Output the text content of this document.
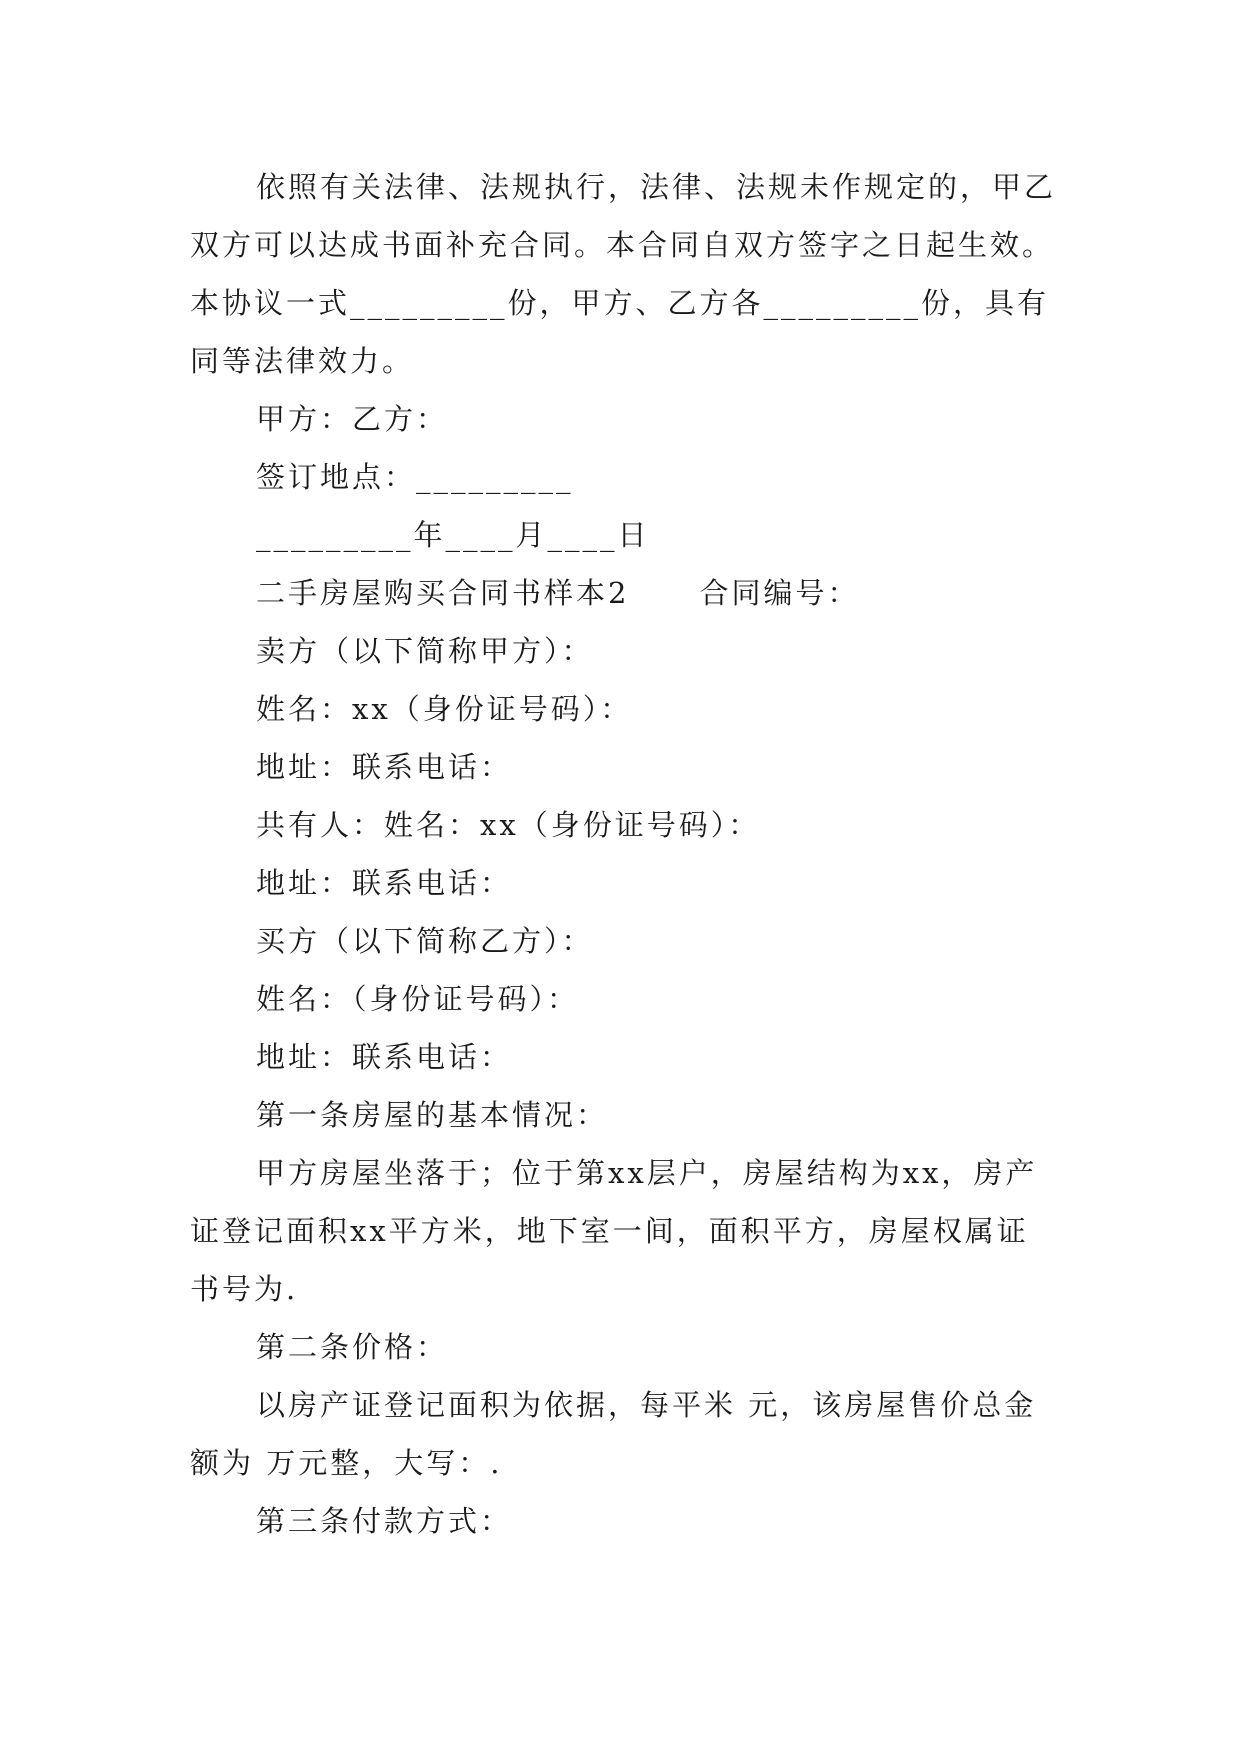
依照有关法律、法规执行，法律、法规未作规定的，甲乙双方可以达成书面补充合同。本合同自双方签字之日起生效。本协议一式_________份，甲方、乙方各_________份，具有同等法律效力。

甲方：乙方：

签订地点：_________

_________年____月____日

二手房屋购买合同书样本2 合同编号：

卖方（以下简称甲方）：

姓名：xx（身份证号码）：

地址：联系电话：

共有人：姓名：xx（身份证号码）：

地址：联系电话：

买方（以下简称乙方）：

姓名：（身份证号码）：

地址：联系电话：

第一条房屋的基本情况：

甲方房屋坐落于；位于第xx层户，房屋结构为xx，房产证登记面积xx平方米，地下室一间，面积平方，房屋权属证书号为.

第二条价格：

以房产证登记面积为依据，每平米 元，该房屋售价总金额为 万元整，大写：.

第三条付款方式：
